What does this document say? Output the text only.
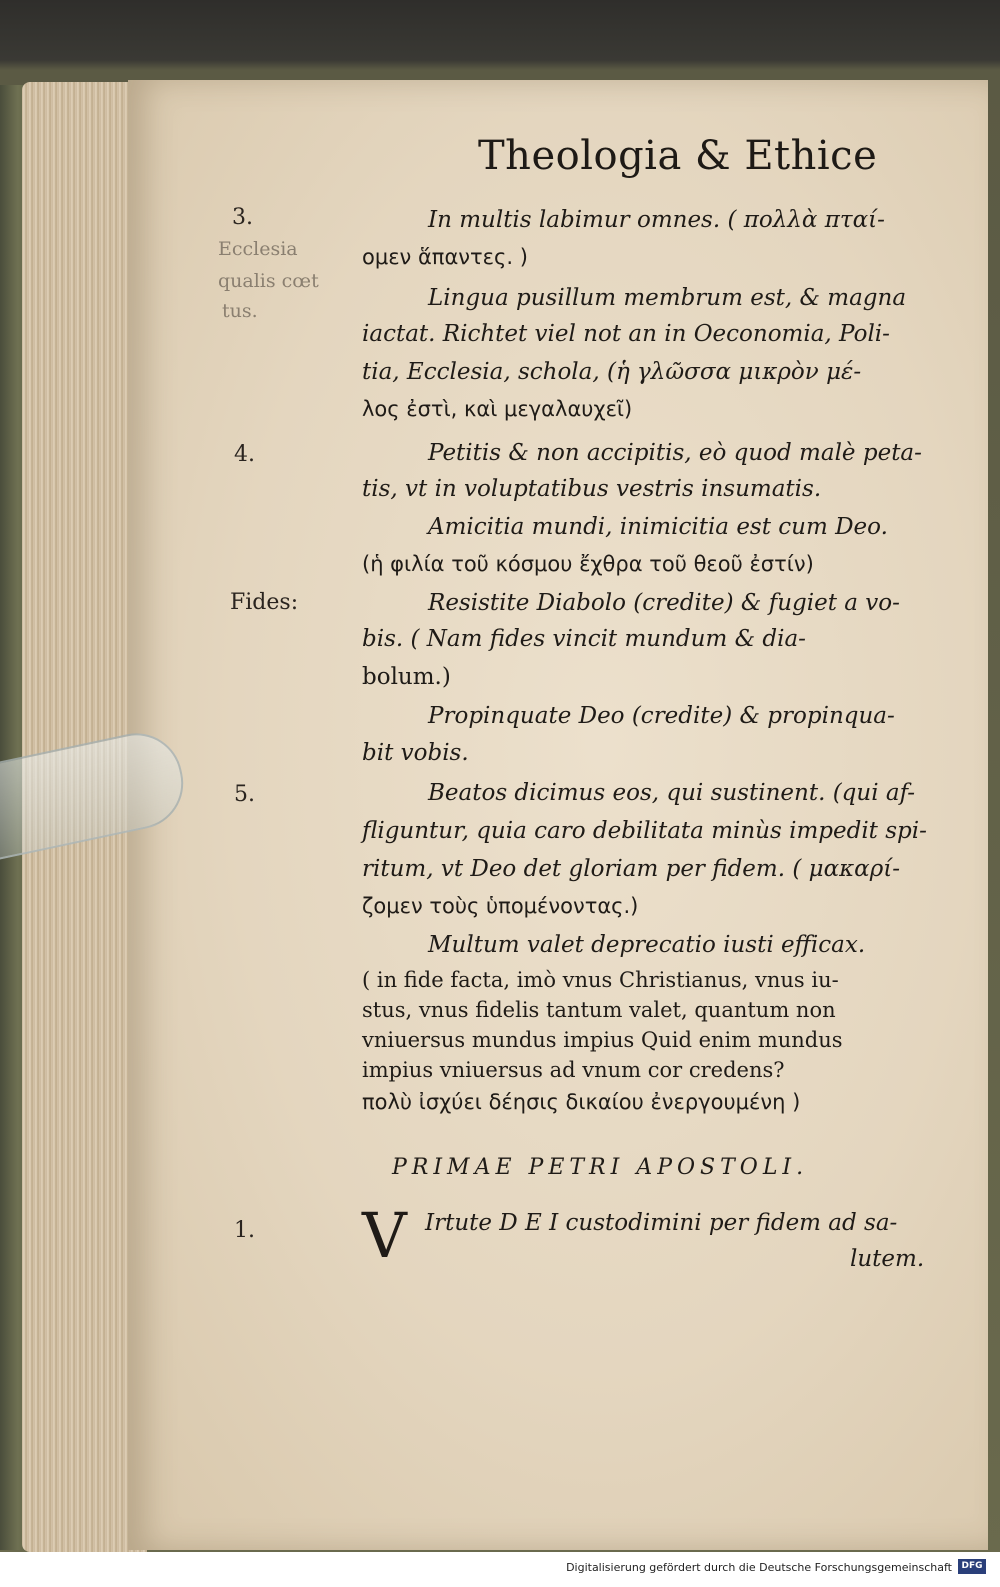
Theologia & Ethice
3.
Ecclesia
qualis cœt
tus.
4.
Fides:
5.
1.
In multis labimur omnes. ( πολλὰ πταί-
ομεν ἅπαντες. )
Lingua pusillum membrum est, & magna
iactat. Richtet viel not an in Oeconomia, Poli-
tia, Ecclesia, schola, (ἡ γλῶσσα μικρὸν μέ-
λος ἐστὶ, καὶ μεγαλαυχεῖ)
Petitis & non accipitis, eò quod malè peta-
tis, vt in voluptatibus vestris insumatis.
Amicitia mundi, inimicitia est cum Deo.
(ἡ φιλία τοῦ κόσμου ἔχθρα τοῦ θεοῦ ἐστίν)
Resistite Diabolo (credite) & fugiet a vo-
bis. ( Nam fides vincit mundum & dia-
bolum.)
Propinquate Deo (credite) & propinqua-
bit vobis.
Beatos dicimus eos, qui sustinent. (qui af-
fliguntur, quia caro debilitata minùs impedit spi-
ritum, vt Deo det gloriam per fidem. ( μακαρί-
ζομεν τοὺς ὑπομένοντας.)
Multum valet deprecatio iusti efficax.
( in fide facta, imò vnus Christianus, vnus iu-
stus, vnus fidelis tantum valet, quantum non
vniuersus mundus impius Quid enim mundus
impius vniuersus ad vnum cor credens?
πολὺ ἰσχύει δέησις δικαίου ἐνεργουμένη )
PRIMAE PETRI APOSTOLI.
V Irtute D E I custodimini per fidem ad sa-
lutem.
Digitalisierung gefördert durch die Deutsche Forschungsgemeinschaft	DFG
